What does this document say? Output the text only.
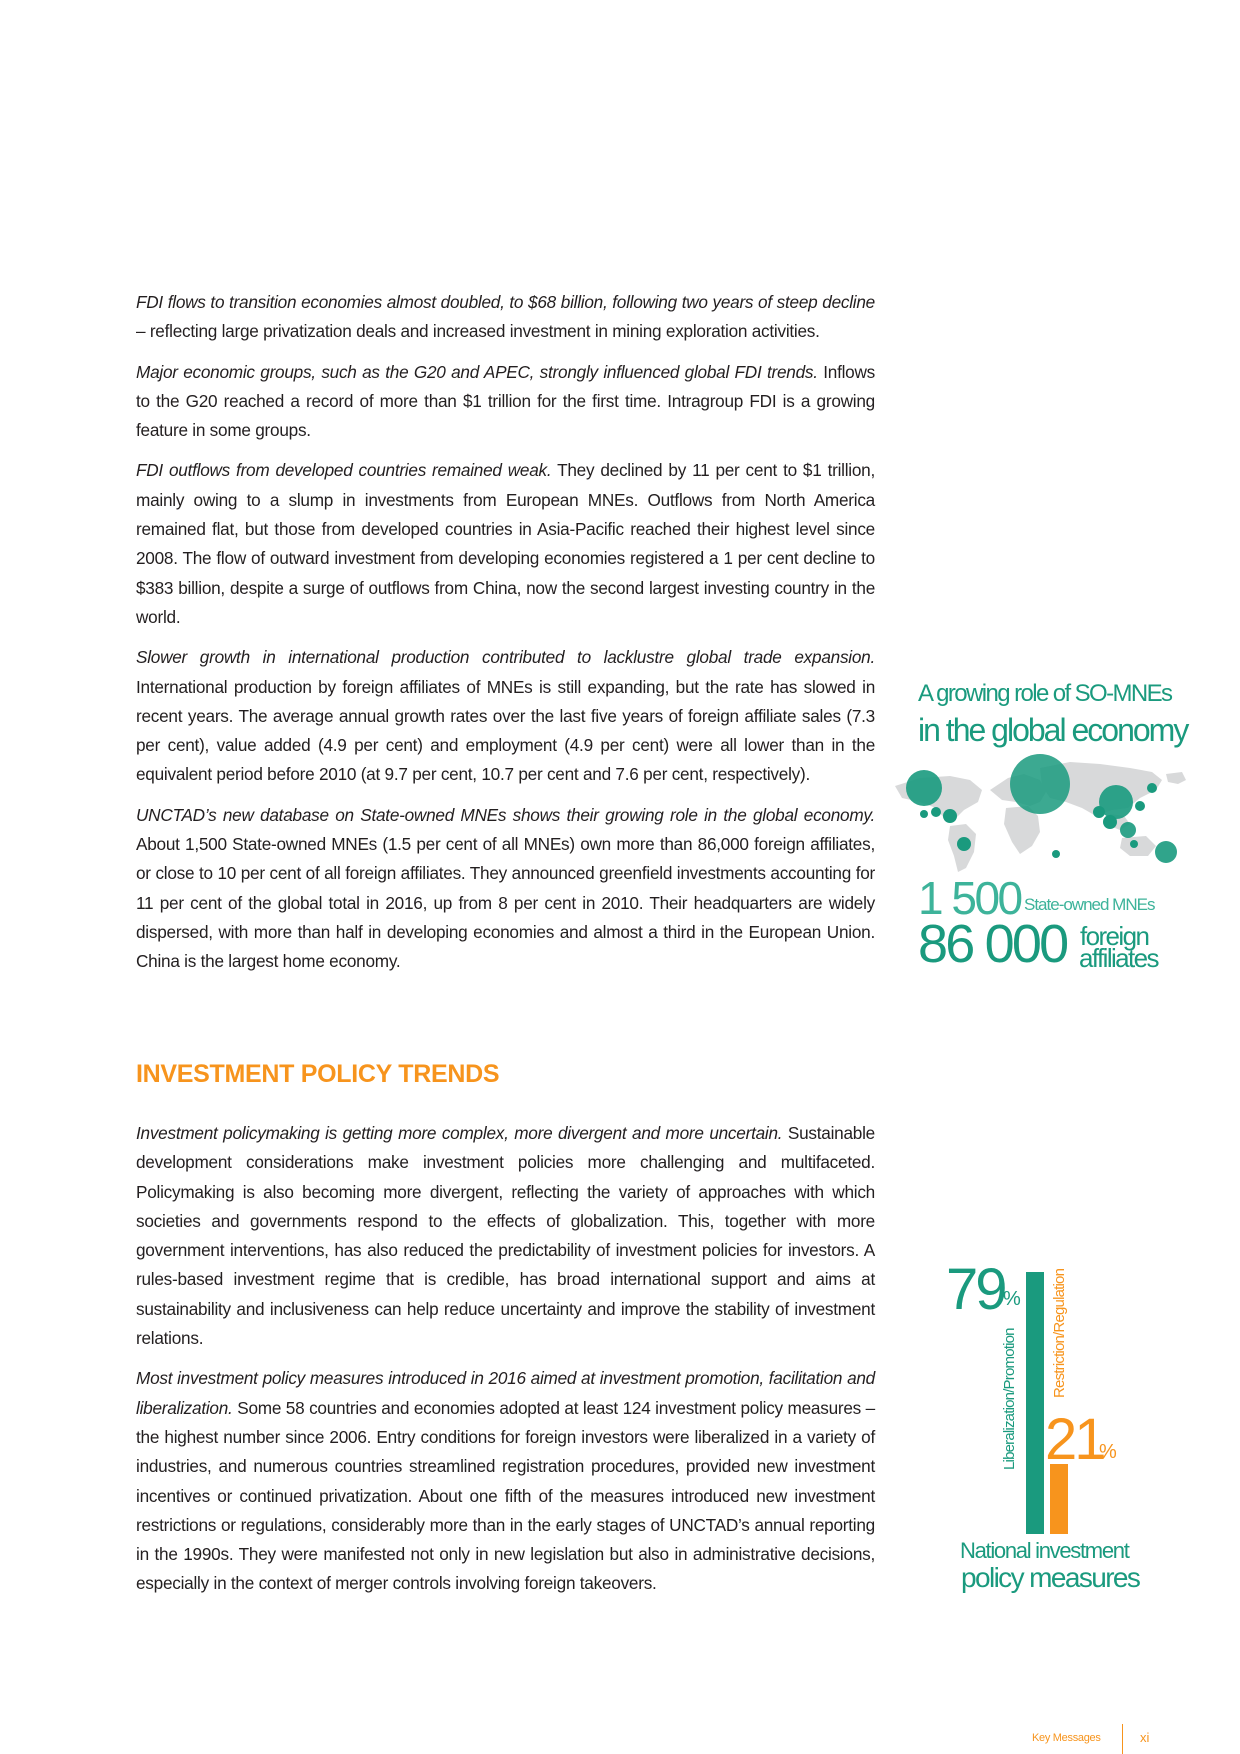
FDI flows to transition economies almost doubled, to $68 billion, following two years of steep decline – reflecting large privatization deals and increased investment in mining exploration activities.

Major economic groups, such as the G20 and APEC, strongly influenced global FDI trends. Inflows to the G20 reached a record of more than $1 trillion for the first time. Intragroup FDI is a growing feature in some groups.

FDI outflows from developed countries remained weak. They declined by 11 per cent to $1 trillion, mainly owing to a slump in investments from European MNEs. Outflows from North America remained flat, but those from developed countries in Asia-Pacific reached their highest level since 2008. The flow of outward investment from developing economies registered a 1 per cent decline to $383 billion, despite a surge of outflows from China, now the second largest investing country in the world.

Slower growth in international production contributed to lacklustre global trade expansion. International production by foreign affiliates of MNEs is still expanding, but the rate has slowed in recent years. The average annual growth rates over the last five years of foreign affiliate sales (7.3 per cent), value added (4.9 per cent) and employment (4.9 per cent) were all lower than in the equivalent period before 2010 (at 9.7 per cent, 10.7 per cent and 7.6 per cent, respectively).

UNCTAD’s new database on State-owned MNEs shows their growing role in the global economy. About 1,500 State-owned MNEs (1.5 per cent of all MNEs) own more than 86,000 foreign affiliates, or close to 10 per cent of all foreign affiliates. They announced greenfield investments accounting for 11 per cent of the global total in 2016, up from 8 per cent in 2010. Their headquarters are widely dispersed, with more than half in developing economies and almost a third in the European Union. China is the largest home economy.

INVESTMENT POLICY TRENDS

Investment policymaking is getting more complex, more divergent and more uncertain. Sustainable development considerations make investment policies more challenging and multifaceted. Policymaking is also becoming more divergent, reflecting the variety of approaches with which societies and governments respond to the effects of globalization. This, together with more government interventions, has also reduced the predictability of investment policies for investors. A rules-based investment regime that is credible, has broad international support and aims at sustainability and inclusiveness can help reduce uncertainty and improve the stability of investment relations.

Most investment policy measures introduced in 2016 aimed at investment promotion, facilitation and liberalization. Some 58 countries and economies adopted at least 124 investment policy measures – the highest number since 2006. Entry conditions for foreign investors were liberalized in a variety of industries, and numerous countries streamlined registration procedures, provided new investment incentives or continued privatization. About one fifth of the measures introduced new investment restrictions or regulations, considerably more than in the early stages of UNCTAD’s annual reporting in the 1990s. They were manifested not only in new legislation but also in administrative decisions, especially in the context of merger controls involving foreign takeovers.

A growing role of SO-MNEs
in the global economy
1 500 State-owned MNEs
86 000 foreign
affiliates
79
%
21
%
Liberalization/Promotion Restriction/Regulation
National investment
policy measures
Key Messages	xi
